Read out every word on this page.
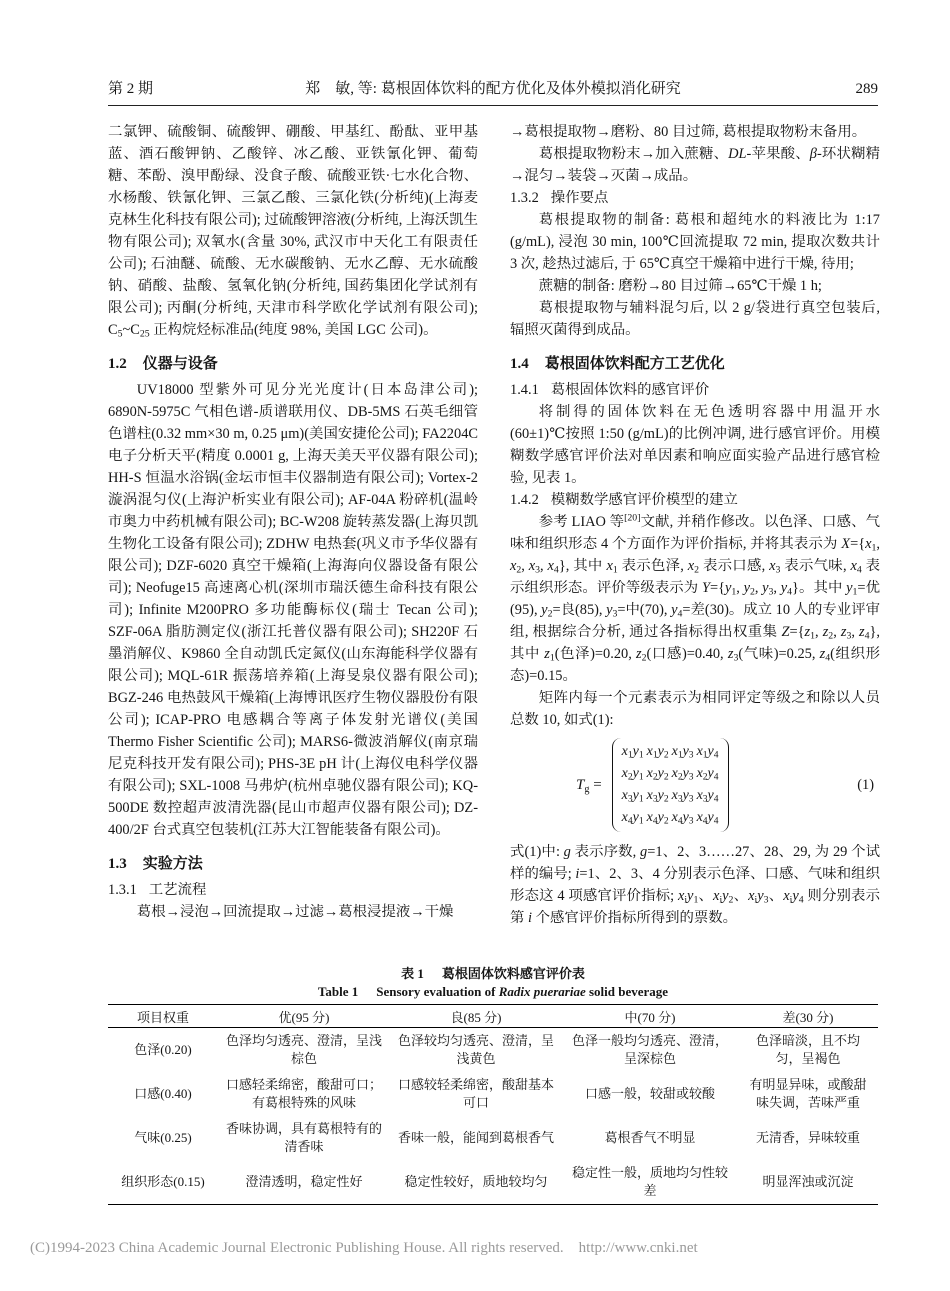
第 2 期	郑　敏, 等: 葛根固体饮料的配方优化及体外模拟消化研究	289

二氯钾、硫酸铜、硫酸钾、硼酸、甲基红、酚酞、亚甲基蓝、酒石酸钾钠、乙酸锌、冰乙酸、亚铁氰化钾、葡萄糖、苯酚、溴甲酚绿、没食子酸、硫酸亚铁·七水化合物、水杨酸、铁氰化钾、三氯乙酸、三氯化铁(分析纯)(上海麦克林生化科技有限公司); 过硫酸钾溶液(分析纯, 上海沃凯生物有限公司); 双氧水(含量 30%, 武汉市中天化工有限责任公司); 石油醚、硫酸、无水碳酸钠、无水乙醇、无水硫酸钠、硝酸、盐酸、氢氧化钠(分析纯, 国药集团化学试剂有限公司); 丙酮(分析纯, 天津市科学欧化学试剂有限公司); $C_5\sim C_{25}$ 正构烷烃标准品(纯度 98%, 美国 LGC 公司)。

1.2 仪器与设备

UV18000 型紫外可见分光光度计(日本岛津公司); 6890N-5975C 气相色谱-质谱联用仪、DB-5MS 石英毛细管色谱柱(0.32 mm×30 m, 0.25 μm)(美国安捷伦公司); FA2204C 电子分析天平(精度 0.0001 g, 上海天美天平仪器有限公司); HH-S 恒温水浴锅(金坛市恒丰仪器制造有限公司); Vortex-2 漩涡混匀仪(上海沪析实业有限公司); AF-04A 粉碎机(温岭市奥力中药机械有限公司); BC-W208 旋转蒸发器(上海贝凯生物化工设备有限公司); ZDHW 电热套(巩义市予华仪器有限公司); DZF-6020 真空干燥箱(上海海向仪器设备有限公司); Neofuge15 高速离心机(深圳市瑞沃德生命科技有限公司); Infinite M200PRO 多功能酶标仪(瑞士 Tecan 公司); SZF-06A 脂肪测定仪(浙江托普仪器有限公司); SH220F 石墨消解仪、K9860 全自动凯氏定氮仪(山东海能科学仪器有限公司); MQL-61R 振荡培养箱(上海旻泉仪器有限公司); BGZ-246 电热鼓风干燥箱(上海博讯医疗生物仪器股份有限公司); ICAP-PRO 电感耦合等离子体发射光谱仪(美国 Thermo Fisher Scientific 公司); MARS6-微波消解仪(南京瑞尼克科技开发有限公司); PHS-3E pH 计(上海仪电科学仪器有限公司); SXL-1008 马弗炉(杭州卓驰仪器有限公司); KQ-500DE 数控超声波清洗器(昆山市超声仪器有限公司); DZ-400/2F 台式真空包装机(江苏大江智能装备有限公司)。

1.3 实验方法
1.3.1 工艺流程

葛根→浸泡→回流提取→过滤→葛根浸提液→干燥

→葛根提取物→磨粉、80 目过筛, 葛根提取物粉末备用。

葛根提取物粉末→加入蔗糖、DL-苹果酸、β-环状糊精→混匀→装袋→灭菌→成品。

1.3.2 操作要点

葛根提取物的制备: 葛根和超纯水的料液比为 1:17 (g/mL), 浸泡 30 min, 100℃回流提取 72 min, 提取次数共计 3 次, 趁热过滤后, 于 65℃真空干燥箱中进行干燥, 待用;

蔗糖的制备: 磨粉→80 目过筛→65℃干燥 1 h;

葛根提取物与辅料混匀后, 以 2 g/袋进行真空包装后, 辐照灭菌得到成品。

1.4 葛根固体饮料配方工艺优化
1.4.1 葛根固体饮料的感官评价

将制得的固体饮料在无色透明容器中用温开水(60±1)℃按照 1:50 (g/mL)的比例冲调, 进行感官评价。用模糊数学感官评价法对单因素和响应面实验产品进行感官检验, 见表 1。

1.4.2 模糊数学感官评价模型的建立

参考 LIAO 等[20]文献, 并稍作修改。以色泽、口感、气味和组织形态 4 个方面作为评价指标, 并将其表示为 $X=\{x_1$, $x_2$, $x_3$, $x_4$}, 其中 $x_1$ 表示色泽, $x_2$ 表示口感, $x_3$ 表示气味, $x_4$ 表示组织形态。评价等级表示为 $Y=\{y_1$, $y_2$, $y_3$, $y_4$}。其中 $y_1=$优(95), $y_2=$良(85), $y_3=$中(70), $y_4=$差(30)。成立 10 人的专业评审组, 根据综合分析, 通过各指标得出权重集 $Z=\{z_1$, $z_2$, $z_3$, $z_4$}, 其中 $z_1$(色泽)=0.20, $z_2$(口感)=0.40, $z_3$(气味)=0.25, $z_4$(组织形态)=0.15。

矩阵内每一个元素表示为相同评定等级之和除以人员总数 10, 如式(1):

$T_g$ =
$x_1y_1$ $x_1y_2$ $x_1y_3$ $x_1y_4$
$x_2y_1$ $x_2y_2$ $x_2y_3$ $x_2y_4$
$x_3y_1$ $x_3y_2$ $x_3y_3$ $x_3y_4$
$x_4y_1$ $x_4y_2$ $x_4y_3$ $x_4y_4$
(1)

式(1)中: g 表示序数, g=1、2、3……27、28、29, 为 29 个试样的编号; i=1、2、3、4 分别表示色泽、口感、气味和组织形态这 4 项感官评价指标; $x_iy_1$、$x_iy_2$、$x_iy_3$、$x_iy_4$ 则分别表示第 i 个感官评价指标所得到的票数。

表 1 葛根固体饮料感官评价表
Table 1 Sensory evaluation of Radix puerariae solid beverage
项目权重	优(95 分)	良(85 分)	中(70 分)	差(30 分)
色泽(0.20)	色泽均匀透亮、澄清，呈浅棕色	色泽较均匀透亮、澄清，呈浅黄色	色泽一般均匀透亮、澄清，呈深棕色	色泽暗淡，且不均匀，呈褐色
口感(0.40)	口感轻柔绵密，酸甜可口；有葛根特殊的风味	口感较轻柔绵密，酸甜基本可口	口感一般，较甜或较酸	有明显异味，或酸甜味失调，苦味严重
气味(0.25)	香味协调，具有葛根特有的清香味	香味一般，能闻到葛根香气	葛根香气不明显	无清香，异味较重
组织形态(0.15)	澄清透明，稳定性好	稳定性较好，质地较均匀	稳定性一般，质地均匀性较差	明显浑浊或沉淀
(C)1994-2023 China Academic Journal Electronic Publishing House. All rights reserved.    http://www.cnki.net
